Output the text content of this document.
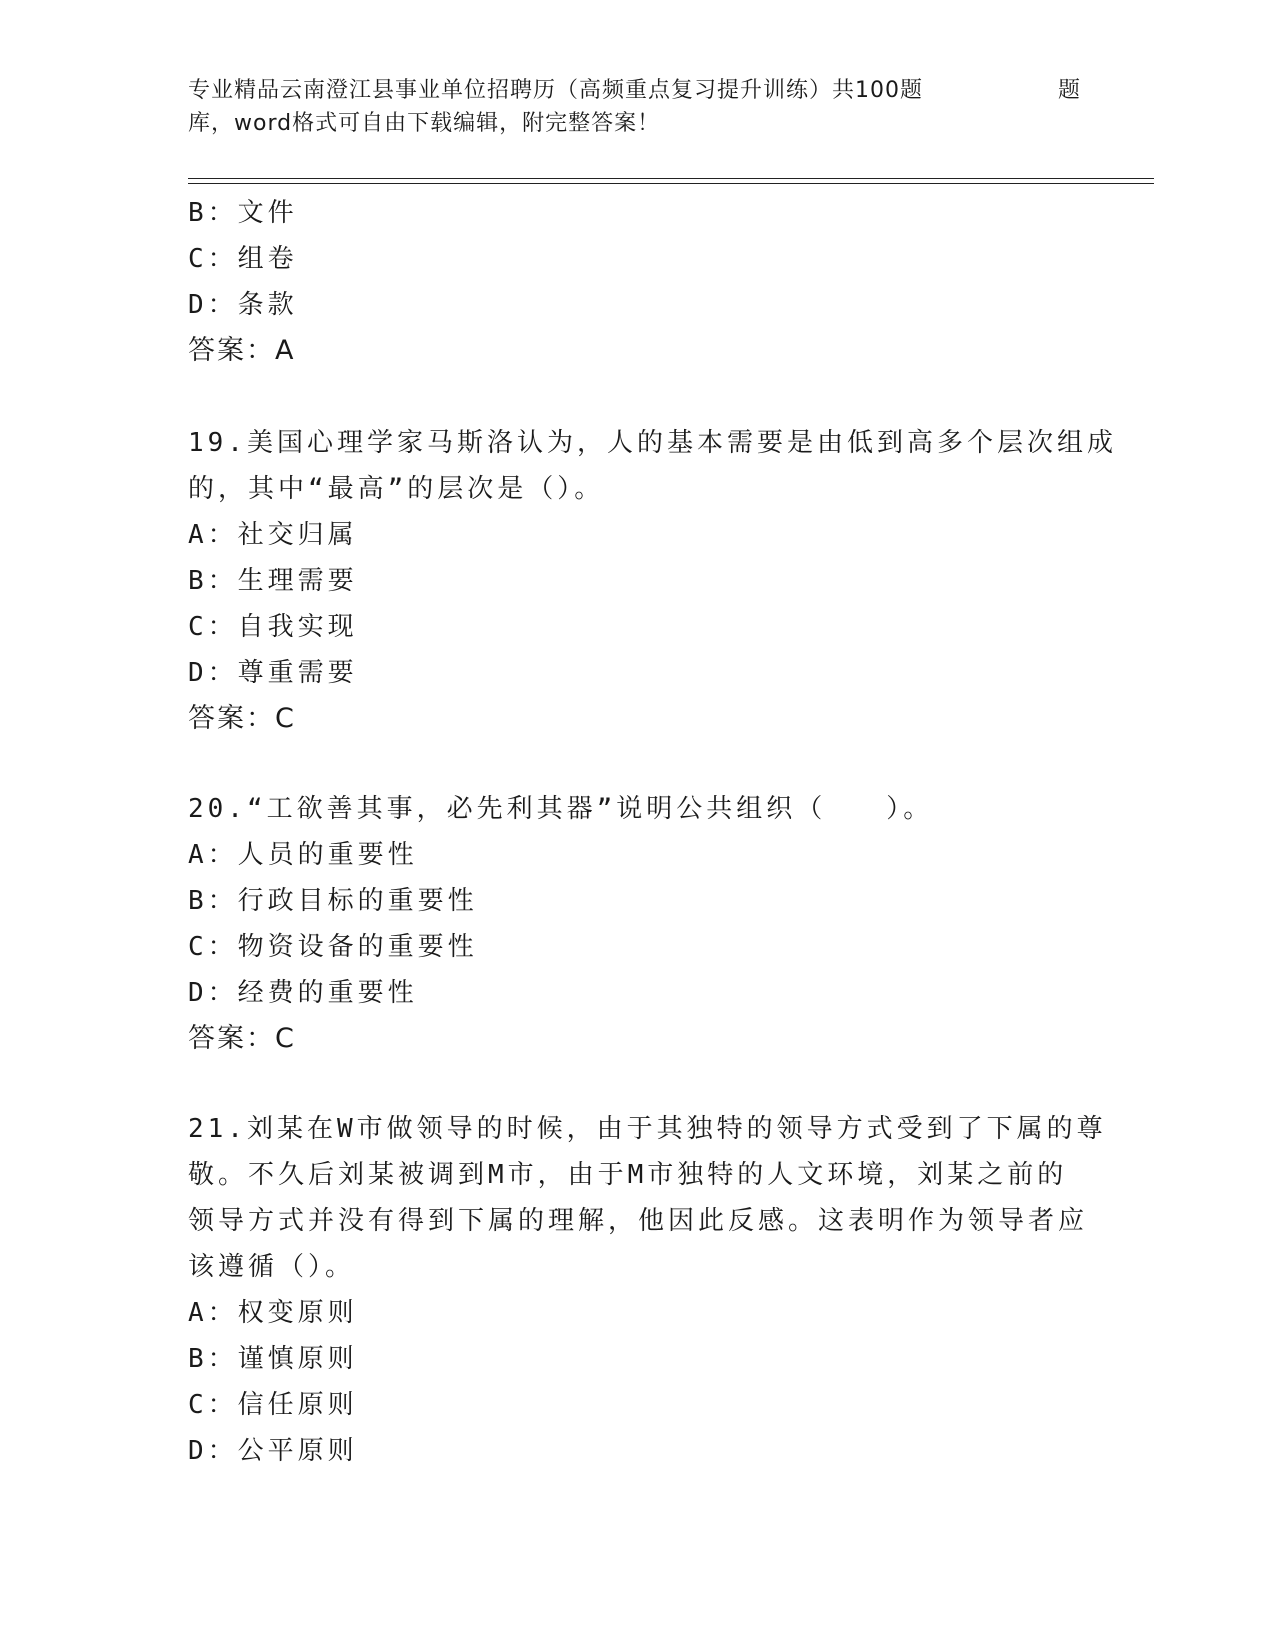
专业精品云南澄江县事业单位招聘历（高频重点复习提升训练）共100题	题
库，word格式可自由下载编辑，附完整答案！
B：文件
C：组卷
D：条款
答案：A
19.美国心理学家马斯洛认为，人的基本需要是由低到高多个层次组成
的，其中“最高”的层次是（）。
A：社交归属
B：生理需要
C：自我实现
D：尊重需要
答案：C
20.“工欲善其事，必先利其器”说明公共组织（　　）。
A：人员的重要性
B：行政目标的重要性
C：物资设备的重要性
D：经费的重要性
答案：C
21.刘某在W市做领导的时候，由于其独特的领导方式受到了下属的尊
敬。不久后刘某被调到M市，由于M市独特的人文环境，刘某之前的
领导方式并没有得到下属的理解，他因此反感。这表明作为领导者应
该遵循（）。
A：权变原则
B：谨慎原则
C：信任原则
D：公平原则
